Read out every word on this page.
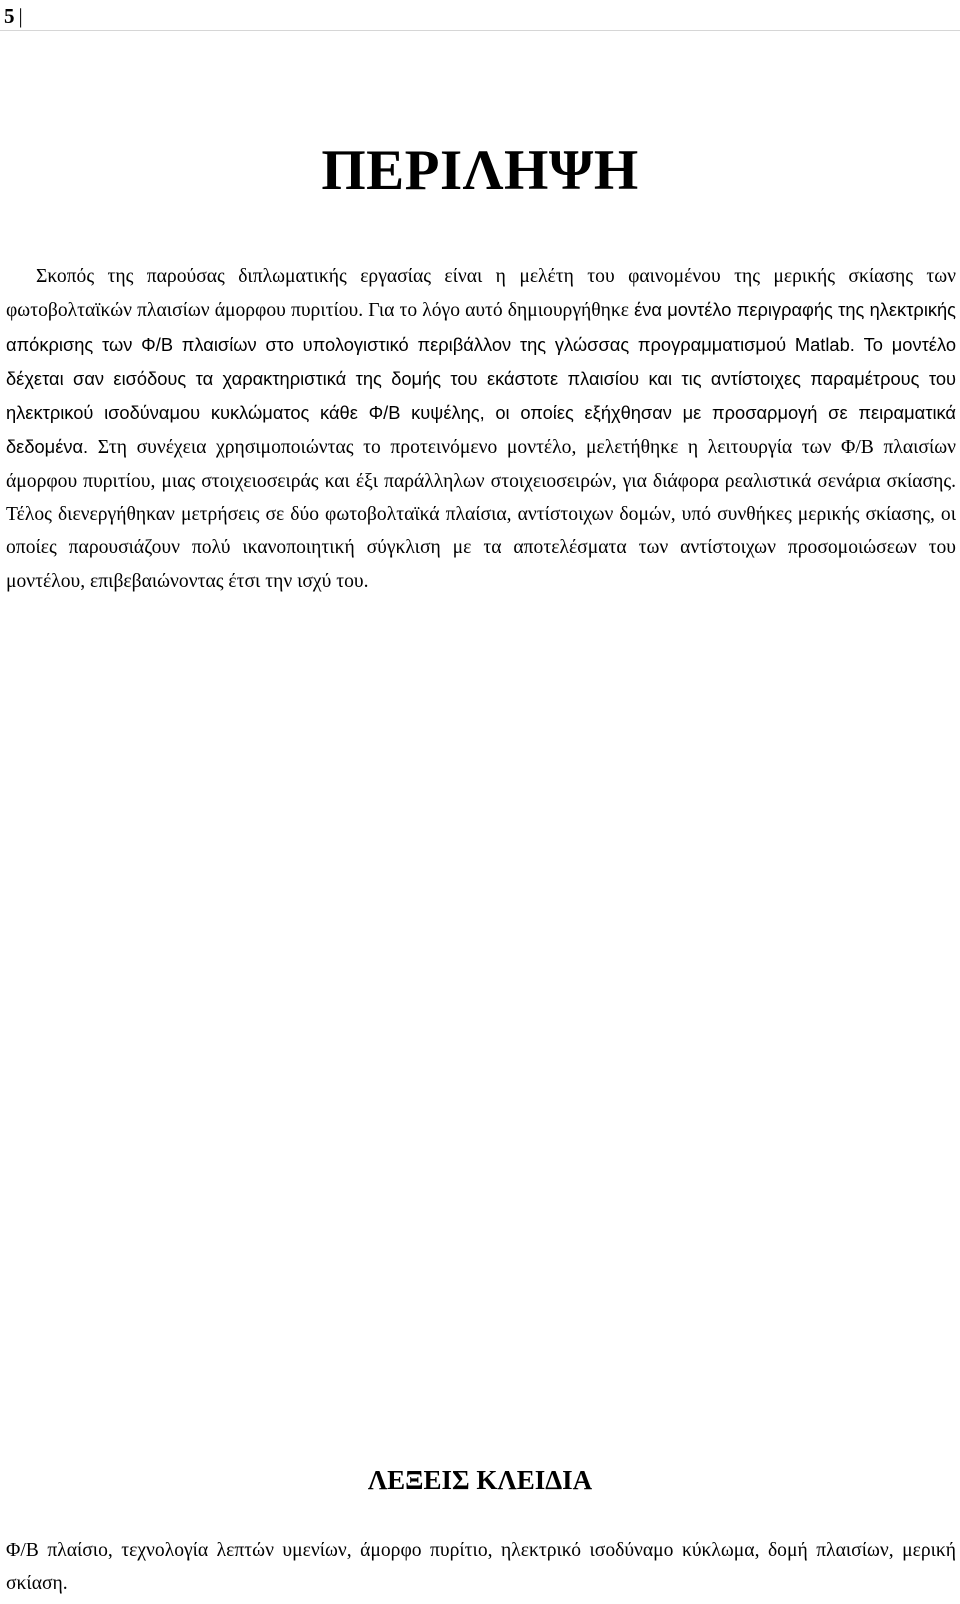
5 |
ΠΕΡΙΛΗΨΗ

Σκοπός της παρούσας διπλωματικής εργασίας είναι η μελέτη του φαινομένου της μερικής σκίασης των φωτοβολταϊκών πλαισίων άμορφου πυριτίου. Για το λόγο αυτό δημιουργήθηκε ένα μοντέλο περιγραφής της ηλεκτρικής απόκρισης των Φ/Β πλαισίων στο υπολογιστικό περιβάλλον της γλώσσας προγραμματισμού Matlab. Το μοντέλο δέχεται σαν εισόδους τα χαρακτηριστικά της δομής του εκάστοτε πλαισίου και τις αντίστοιχες παραμέτρους του ηλεκτρικού ισοδύναμου κυκλώματος κάθε Φ/Β κυψέλης, οι οποίες εξήχθησαν με προσαρμογή σε πειραματικά δεδομένα. Στη συνέχεια χρησιμοποιώντας το προτεινόμενο μοντέλο, μελετήθηκε η λειτουργία των Φ/Β πλαισίων άμορφου πυριτίου, μιας στοιχειοσειράς και έξι παράλληλων στοιχειοσειρών, για διάφορα ρεαλιστικά σενάρια σκίασης. Τέλος διενεργήθηκαν μετρήσεις σε δύο φωτοβολταϊκά πλαίσια, αντίστοιχων δομών, υπό συνθήκες μερικής σκίασης, οι οποίες παρουσιάζουν πολύ ικανοποιητική σύγκλιση με τα αποτελέσματα των αντίστοιχων προσομοιώσεων του μοντέλου, επιβεβαιώνοντας έτσι την ισχύ του.

ΛΕΞΕΙΣ ΚΛΕΙΔΙΑ

Φ/Β πλαίσιο, τεχνολογία λεπτών υμενίων, άμορφο πυρίτιο, ηλεκτρικό ισοδύναμο κύκλωμα, δομή πλαισίων, μερική σκίαση.
